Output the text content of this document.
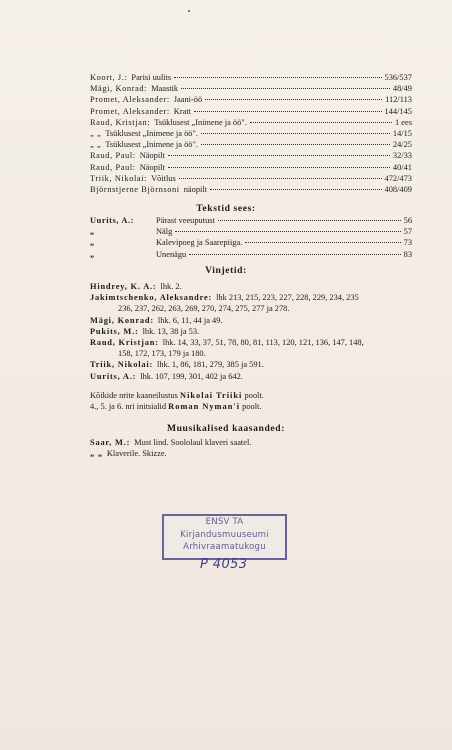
Koort, J.: Parisi uulits	536/537
Mägi, Konrad: Maastik	48/49
Promet, Aleksander: Jaani-öö	112/113
Promet, Aleksander: Kratt	144/145
Raud, Kristjan: Tsüklusest „Inimene ja öö".	1 ees
„ „ Tsüklusest „Inimene ja öö".	14/15
„ „ Tsüklusest „Inimene ja öö".	24/25
Raud, Paul: Näopilt	32/33
Raud, Paul: Näopilt	40/41
Triik, Nikolai: Võitlus	472/473
Björnstjerne Björnsoni näopilt	408/409
Tekstid sees:
Uurits, A.:	Pärast veeuputust	56
„	Nälg	57
„	Kalevipoeg ja Saarepiiga.	73
„	Unenägu	83
Vinjetid:
Hindrey, K. A.: lhk. 2.
Jakimtschenko, Aleksandre: lhk 213, 215, 223, 227, 228, 229, 234, 235
236, 237, 262, 263, 269, 270, 274, 275, 277 ja 278.
Mägi, Konrad: lhk. 6, 11, 44 ja 49.
Pukits, M.: lhk. 13, 38 ja 53.
Raud, Kristjan: lhk. 14, 33, 37, 51, 78, 80, 81, 113, 120, 121, 136, 147, 148,
158, 172, 173, 179 ja 180.
Triik, Nikolai: lhk. 1, 86, 181, 279, 385 ja 591.
Uurits, A.: lhk. 107, 199, 301, 402 ja 642.
Kõikide nrite kaaneilustus Nikolai Triiki poolt.
4., 5. ja 6. nri initsialid Roman Nyman'i poolt.
Muusikalised kaasanded:
Saar, M.: Must lind. Soololaul klaveri saatel.
„ „ Klaverile. Skizze.
ENSV TA
Kirjandusmuuseumi
Arhivraamatukogu
P 4053
